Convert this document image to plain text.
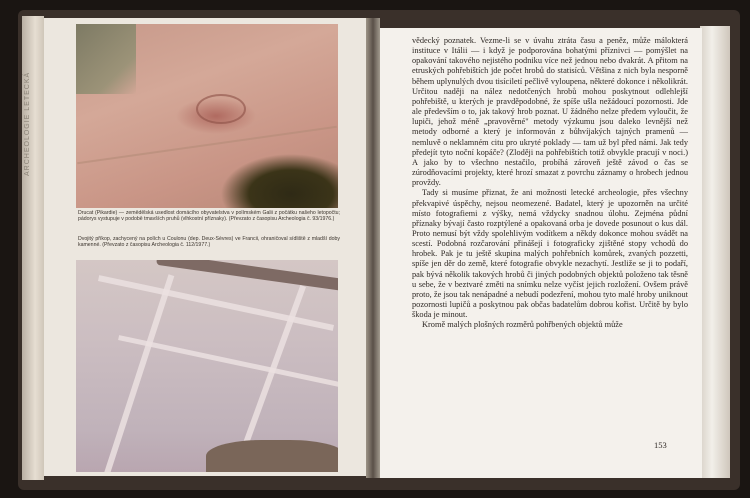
ARCHEOLOGIE LETECKÁ
Drucat (Pikardie) — zemědělská usedlost domácího obyvatelstva v polímském Galii z počátku našeho letopočtu; pádorys vystupuje v podobě tmavších pruhů (vlhkostní příznaky). (Převzato z časopisu Archeologia č. 93/1976.)
Dvojitý příkop, zachycený na polích u Coulonu (dep. Deux-Sèvres) ve Francii, ohraničoval sídliště z mladší doby kamenné. (Převzato z časopisu Archeologia č. 112/1977.)

vědecký poznatek. Vezme-li se v úvahu ztráta času a peněz, může málokterá instituce v Itálii — i když je podporována bohatými příznivci — pomýšlet na opakování takového nejistého podniku více než jednou nebo dvakrát. A přitom na etruských pohřebištích jde počet hrobů do statisíců. Většina z nich byla nesporně během uplynulých dvou tisíciletí pečlivě vyloupena, některé dokonce i několikrát. Určitou naději na nález nedotčených hrobů mohou poskytnout odlehlejší pohřebiště, u kterých je pravděpodobné, že spíše ušla nežádoucí pozornosti. Jde ale především o to, jak takový hrob poznat. U žádného nelze předem vyloučit, že lupiči, jehož méně „pravověrné" metody výzkumu jsou daleko levnější než metody odborné a který je informován z bůhvíjakých tajných pramenů — nemluvě o neklamném citu pro ukryté poklady — tam už byl před námi. Jak tedy předejít tyto noční kopáče? (Zloději na pohřebištích totiž obvykle pracují v noci.) A jako by to všechno nestačilo, probíhá zároveň ještě závod o čas se zúrodňovacími projekty, které hrozí smazat z povrchu záznamy o hrobech jednou provždy.

Tady si musíme přiznat, že ani možnosti letecké archeologie, přes všechny překvapivé úspěchy, nejsou neomezené. Badatel, který je upozorněn na určité místo fotografiemi z výšky, nemá vždycky snadnou úlohu. Zejména půdní příznaky bývají často rozptýlené a opakovaná orba je dovede posunout o kus dál. Proto nemusí být vždy spolehlivým vodítkem a někdy dokonce mohou svádět na scestí. Podobná rozčarování přinášejí i fotograficky zjištěné stopy vchodů do hrobek. Pak je tu ještě skupina malých pohřebních komůrek, zvaných pozzetti, spíše jen děr do země, které fotografie obvykle nezachytí. Jestliže se ji to podaří, pak bývá několik takových hrobů či jiných podobných objektů položeno tak těsně u sebe, že v beztvaré změti na snímku nelze vyčíst jejich rozložení. Ovšem právě proto, že jsou tak nenápadné a nebudí podezření, mohou tyto malé hroby uniknout pozornosti lupičů a poskytnou pak občas badatelům dobrou kořist. Určitě by bylo škoda je minout.

Kromě malých plošných rozměrů pohřbených objektů může

153
